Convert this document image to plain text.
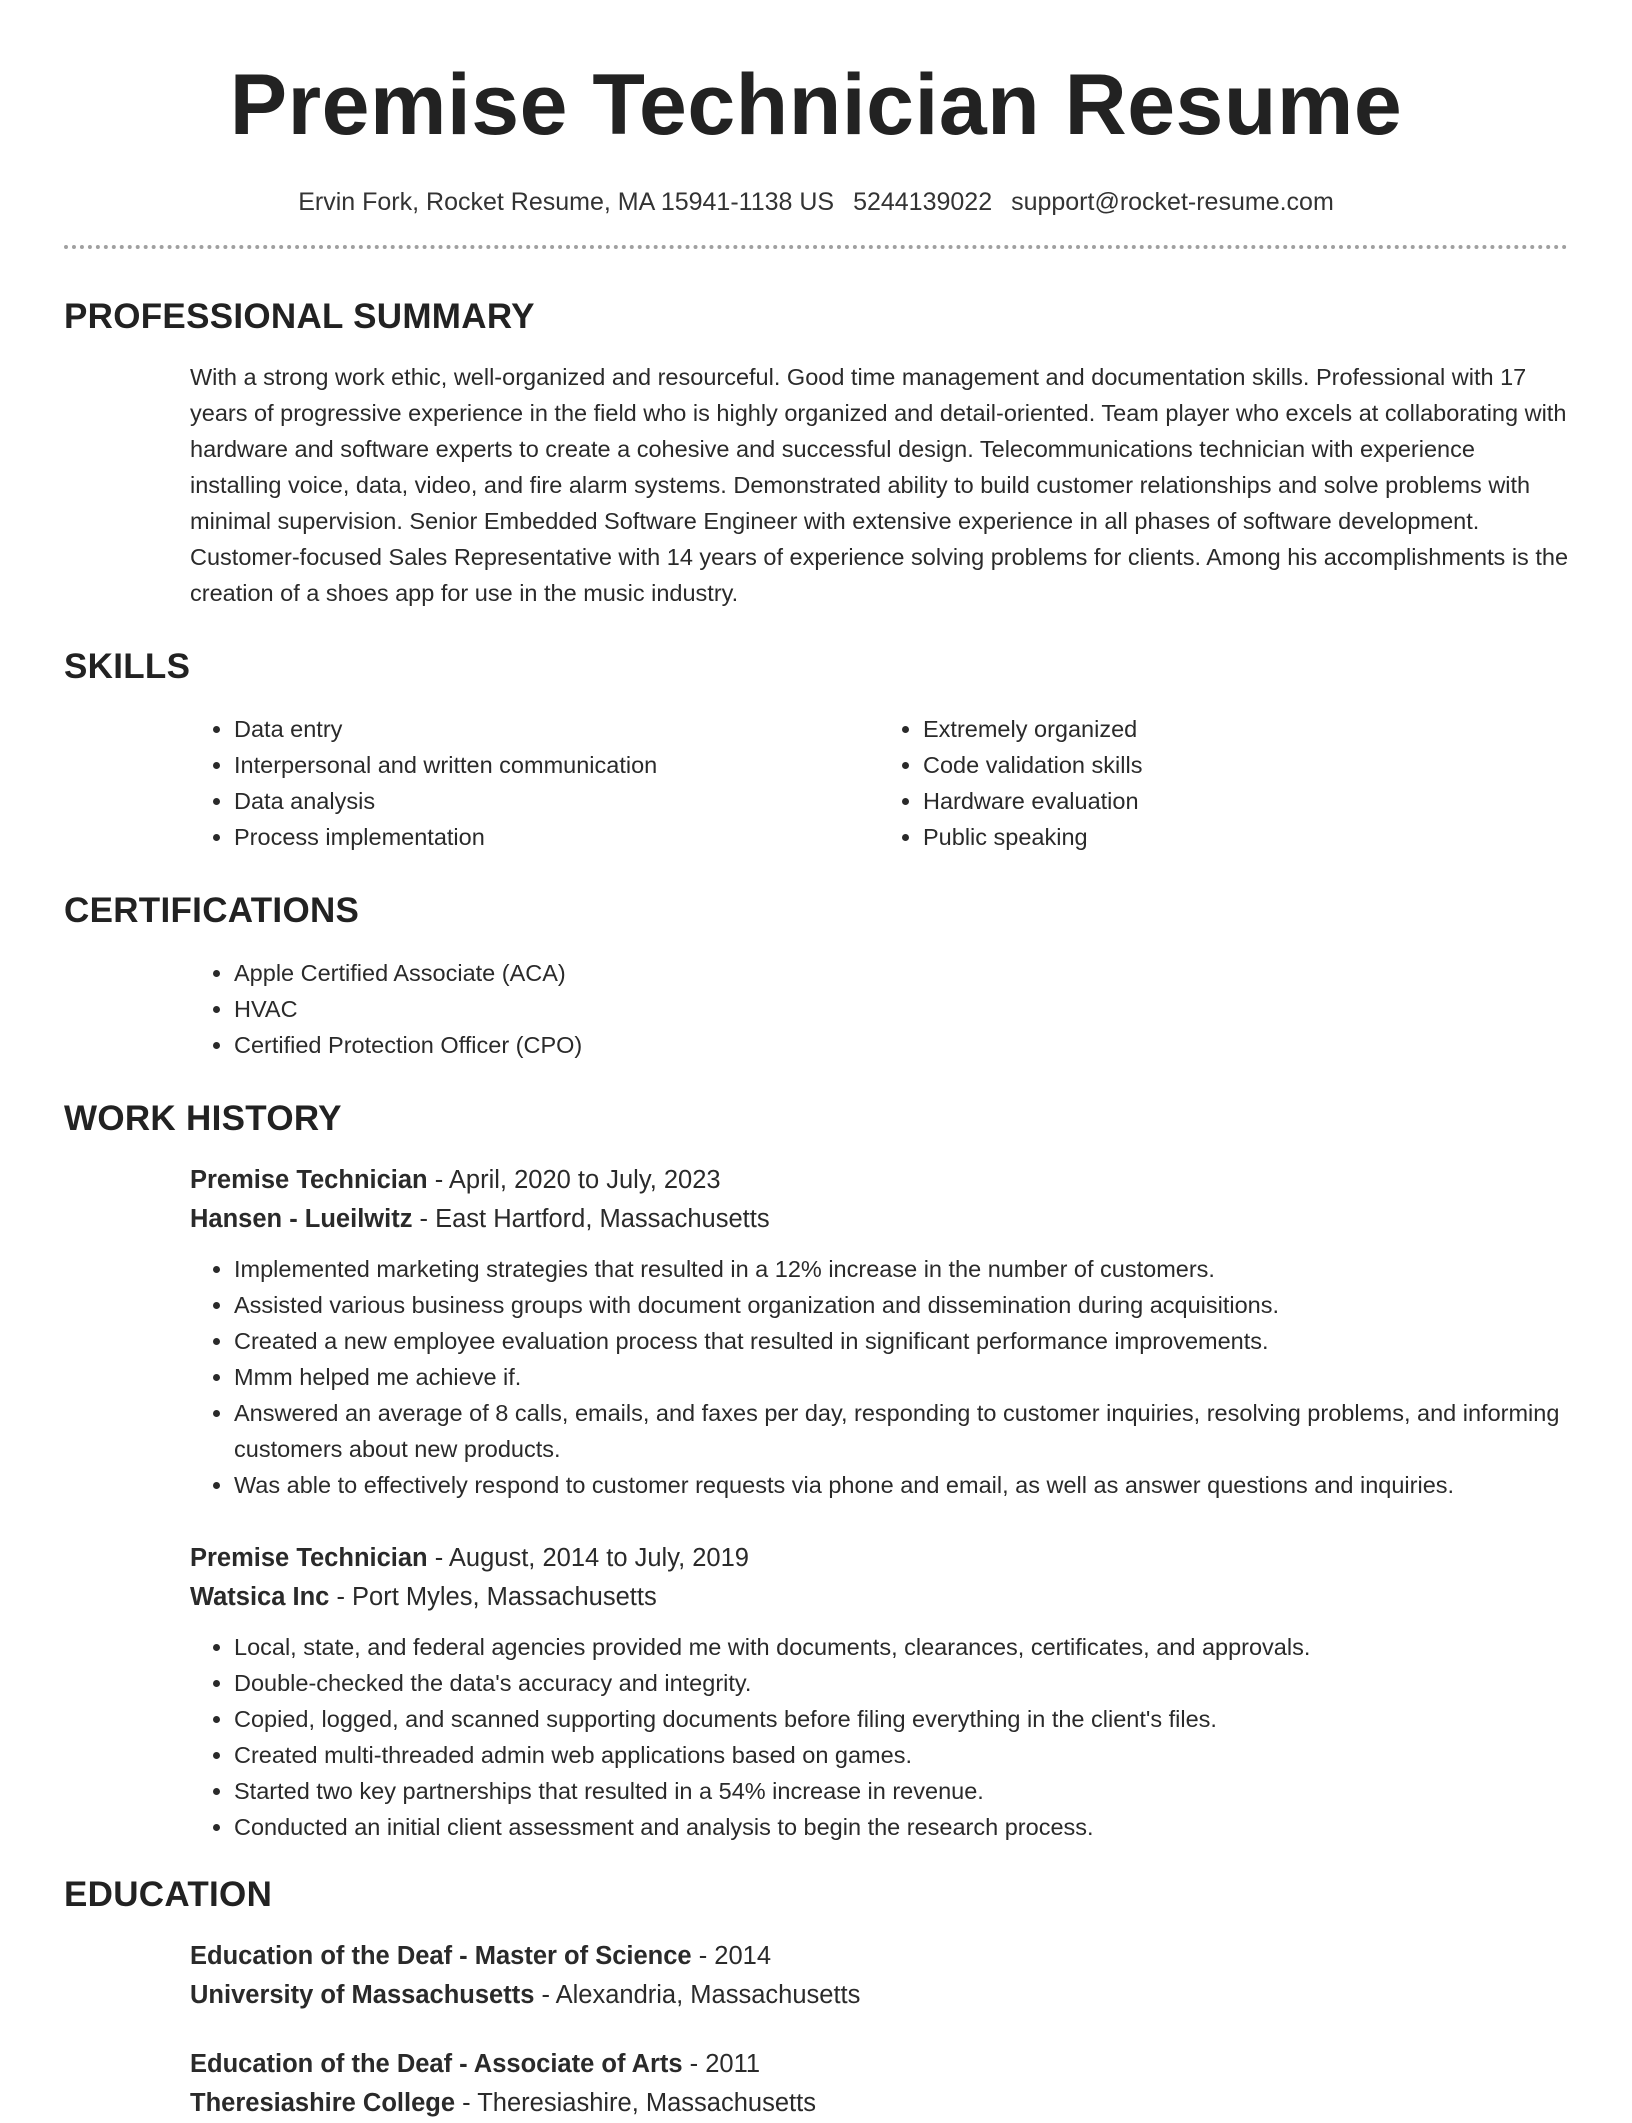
Premise Technician Resume
Ervin Fork, Rocket Resume, MA 15941-1138 US 5244139022 support@rocket-resume.com
PROFESSIONAL SUMMARY

With a strong work ethic, well-organized and resourceful. Good time management and documentation skills. Professional with 17 years of progressive experience in the field who is highly organized and detail-oriented. Team player who excels at collaborating with hardware and software experts to create a cohesive and successful design. Telecommunications technician with experience installing voice, data, video, and fire alarm systems. Demonstrated ability to build customer relationships and solve problems with minimal supervision. Senior Embedded Software Engineer with extensive experience in all phases of software development. Customer-focused Sales Representative with 14 years of experience solving problems for clients. Among his accomplishments is the creation of a shoes app for use in the music industry.

SKILLS
• Data entry
• Interpersonal and written communication
• Data analysis
• Process implementation
• Extremely organized
• Code validation skills
• Hardware evaluation
• Public speaking
CERTIFICATIONS
• Apple Certified Associate (ACA)
• HVAC
• Certified Protection Officer (CPO)
WORK HISTORY
Premise Technician - April, 2020 to July, 2023
Hansen - Lueilwitz - East Hartford, Massachusetts
• Implemented marketing strategies that resulted in a 12% increase in the number of customers.
• Assisted various business groups with document organization and dissemination during acquisitions.
• Created a new employee evaluation process that resulted in significant performance improvements.
• Mmm helped me achieve if.
• Answered an average of 8 calls, emails, and faxes per day, responding to customer inquiries, resolving problems, and informing customers about new products.
• Was able to effectively respond to customer requests via phone and email, as well as answer questions and inquiries.
Premise Technician - August, 2014 to July, 2019
Watsica Inc - Port Myles, Massachusetts
• Local, state, and federal agencies provided me with documents, clearances, certificates, and approvals.
• Double-checked the data's accuracy and integrity.
• Copied, logged, and scanned supporting documents before filing everything in the client's files.
• Created multi-threaded admin web applications based on games.
• Started two key partnerships that resulted in a 54% increase in revenue.
• Conducted an initial client assessment and analysis to begin the research process.
EDUCATION
Education of the Deaf - Master of Science - 2014
University of Massachusetts - Alexandria, Massachusetts
Education of the Deaf - Associate of Arts - 2011
Theresiashire College - Theresiashire, Massachusetts
